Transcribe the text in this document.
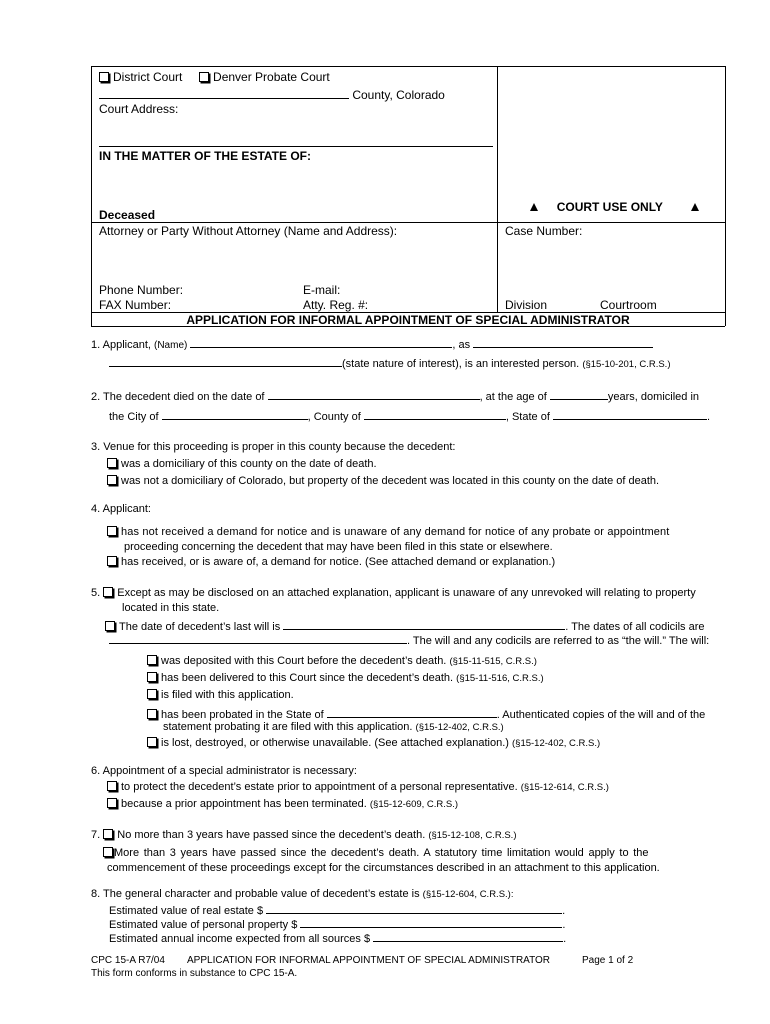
District Court	Denver Probate Court
County, Colorado
Court Address:
IN THE MATTER OF THE ESTATE OF:
Deceased
COURT USE ONLY
Attorney or Party Without Attorney (Name and Address):	Case Number:
Phone Number:	E-mail:
FAX Number:	Atty. Reg. #:	Division	Courtroom
APPLICATION FOR INFORMAL APPOINTMENT OF SPECIAL ADMINISTRATOR
1. Applicant, (Name)	, as
(state nature of interest), is an interested person. (§15-10-201, C.R.S.)
2. The decedent died on the date of	, at the age of	years, domiciled in
the City of	, County of	, State of	.
3. Venue for this proceeding is proper in this county because the decedent:
was a domiciliary of this county on the date of death.
was not a domiciliary of Colorado, but property of the decedent was located in this county on the date of death.
4. Applicant:
has not received a demand for notice and is unaware of any demand for notice of any probate or appointment
proceeding concerning the decedent that may have been filed in this state or elsewhere.
has received, or is aware of, a demand for notice. (See attached demand or explanation.)
5. Except as may be disclosed on an attached explanation, applicant is unaware of any unrevoked will relating to property
located in this state.
The date of decedent’s last will is	. The dates of all codicils are
. The will and any codicils are referred to as “the will.” The will:
was deposited with this Court before the decedent’s death. (§15-11-515, C.R.S.)
has been delivered to this Court since the decedent’s death. (§15-11-516, C.R.S.)
is filed with this application.
has been probated in the State of	. Authenticated copies of the will and of the
statement probating it are filed with this application. (§15-12-402, C.R.S.)
is lost, destroyed, or otherwise unavailable. (See attached explanation.) (§15-12-402, C.R.S.)
6. Appointment of a special administrator is necessary:
to protect the decedent’s estate prior to appointment of a personal representative. (§15-12-614, C.R.S.)
because a prior appointment has been terminated. (§15-12-609, C.R.S.)
7. No more than 3 years have passed since the decedent’s death. (§15-12-108, C.R.S.)
More than 3 years have passed since the decedent’s death. A statutory time limitation would apply to the
commencement of these proceedings except for the circumstances described in an attachment to this application.
8. The general character and probable value of decedent’s estate is (§15-12-604, C.R.S.):
Estimated value of real estate $	.
Estimated value of personal property $	.
Estimated annual income expected from all sources $	.
CPC 15-A R7/04 APPLICATION FOR INFORMAL APPOINTMENT OF SPECIAL ADMINISTRATOR	Page 1 of 2
This form conforms in substance to CPC 15-A.
